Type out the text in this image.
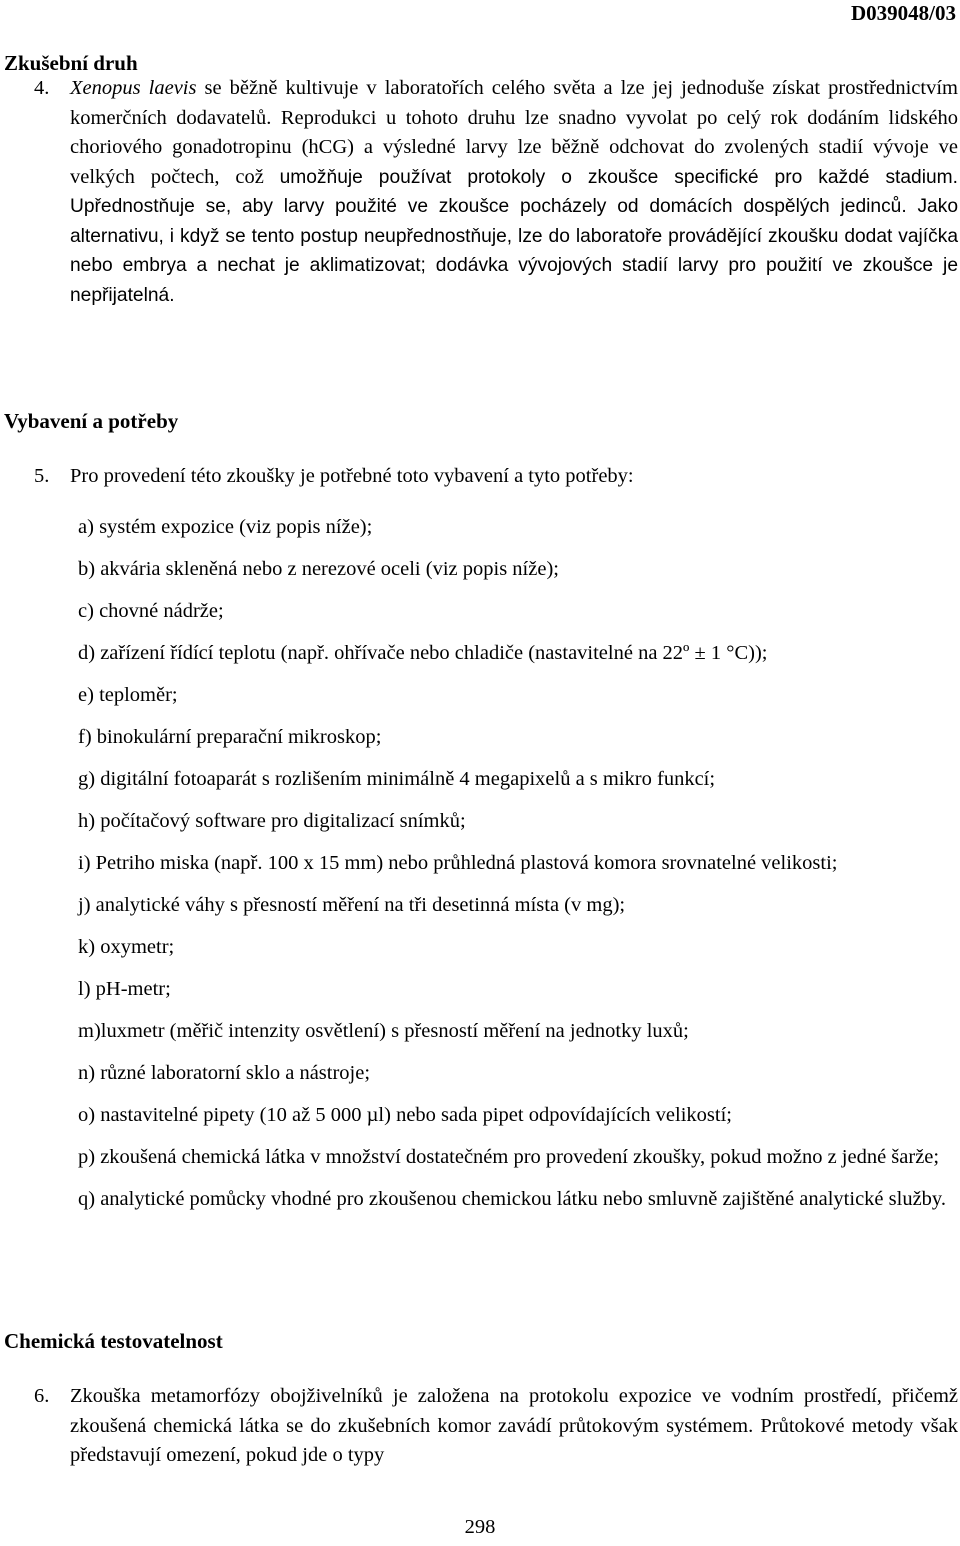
D039048/03
Zkušební druh
4. Xenopus laevis se běžně kultivuje v laboratořích celého světa a lze jej jednoduše získat prostřednictvím komerčních dodavatelů. Reprodukci u tohoto druhu lze snadno vyvolat po celý rok dodáním lidského choriového gonadotropinu (hCG) a výsledné larvy lze běžně odchovat do zvolených stadií vývoje ve velkých počtech, což umožňuje používat protokoly o zkoušce specifické pro každé stadium. Upřednostňuje se, aby larvy použité ve zkoušce pocházely od domácích dospělých jedinců. Jako alternativu, i když se tento postup neupřednostňuje, lze do laboratoře provádějící zkoušku dodat vajíčka nebo embrya a nechat je aklimatizovat; dodávka vývojových stadií larvy pro použití ve zkoušce je nepřijatelná.
Vybavení a potřeby
5. Pro provedení této zkoušky je potřebné toto vybavení a tyto potřeby:
a) systém expozice (viz popis níže);
b) akvária skleněná nebo z nerezové oceli (viz popis níže);
c) chovné nádrže;
d) zařízení řídící teplotu (např. ohřívače nebo chladiče (nastavitelné na 22º ± 1 °C));
e) teploměr;
f) binokulární preparační mikroskop;
g) digitální fotoaparát s rozlišením minimálně 4 megapixelů a s mikro funkcí;
h) počítačový software pro digitalizací snímků;
i) Petriho miska (např. 100 x 15 mm) nebo průhledná plastová komora srovnatelné velikosti;
j) analytické váhy s přesností měření na tři desetinná místa (v mg);
k) oxymetr;
l) pH-metr;
m)luxmetr (měřič intenzity osvětlení) s přesností měření na jednotky luxů;
n) různé laboratorní sklo a nástroje;
o) nastavitelné pipety (10 až 5 000 µl) nebo sada pipet odpovídajících velikostí;
p) zkoušená chemická látka v množství dostatečném pro provedení zkoušky, pokud možno z jedné šarže;
q) analytické pomůcky vhodné pro zkoušenou chemickou látku nebo smluvně zajištěné analytické služby.
Chemická testovatelnost
6. Zkouška metamorfózy obojživelníků je založena na protokolu expozice ve vodním prostředí, přičemž zkoušená chemická látka se do zkušebních komor zavádí průtokovým systémem. Průtokové metody však představují omezení, pokud jde o typy
298
